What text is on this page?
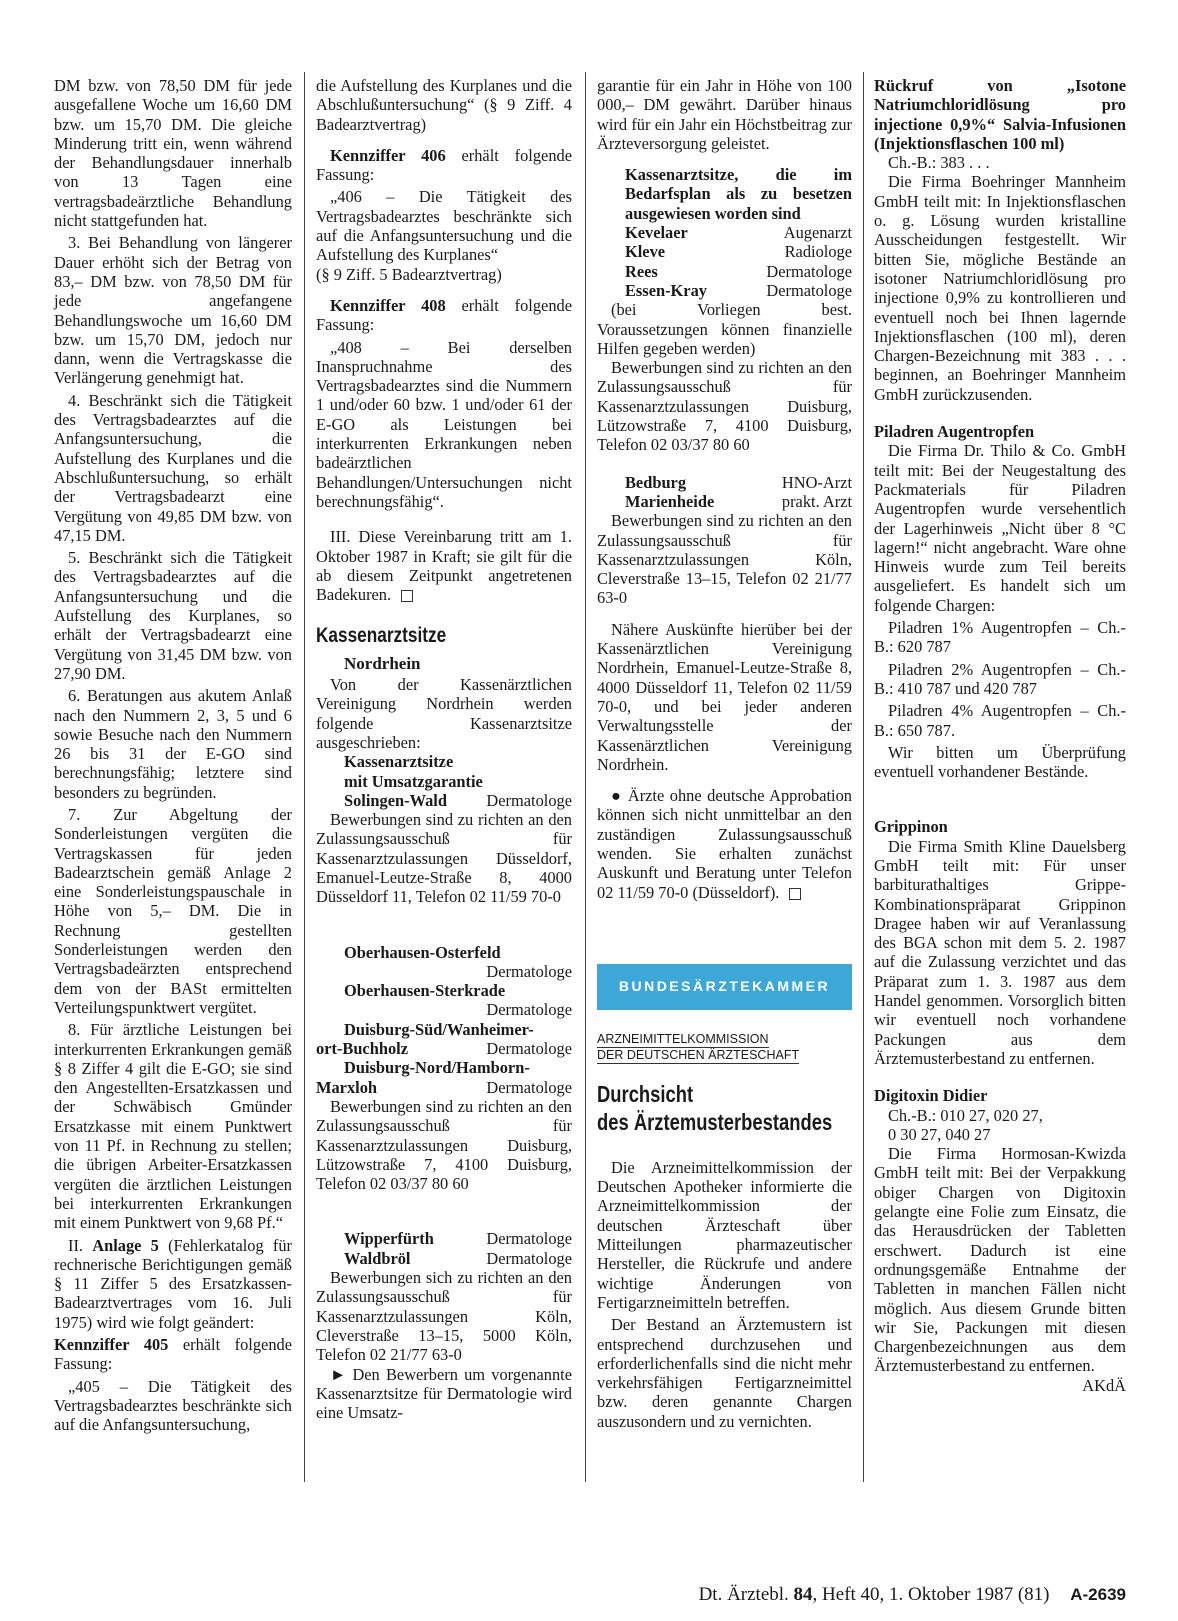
DM bzw. von 78,50 DM für jede ausgefallene Woche um 16,60 DM bzw. um 15,70 DM. Die gleiche Minderung tritt ein, wenn während der Behandlungsdauer innerhalb von 13 Tagen eine vertragsbadeärztliche Behandlung nicht stattgefunden hat.

3. Bei Behandlung von längerer Dauer erhöht sich der Betrag von 83,– DM bzw. von 78,50 DM für jede angefangene Behandlungswoche um 16,60 DM bzw. um 15,70 DM, jedoch nur dann, wenn die Vertragskasse die Verlängerung genehmigt hat.

4. Beschränkt sich die Tätigkeit des Vertragsbadearztes auf die Anfangsuntersuchung, die Aufstellung des Kurplanes und die Abschlußuntersuchung, so erhält der Vertragsbadearzt eine Vergütung von 49,85 DM bzw. von 47,15 DM.

5. Beschränkt sich die Tätigkeit des Vertragsbadearztes auf die Anfangsuntersuchung und die Aufstellung des Kurplanes, so erhält der Vertragsbadearzt eine Vergütung von 31,45 DM bzw. von 27,90 DM.

6. Beratungen aus akutem Anlaß nach den Nummern 2, 3, 5 und 6 sowie Besuche nach den Nummern 26 bis 31 der E-GO sind berechnungsfähig; letztere sind besonders zu begründen.

7. Zur Abgeltung der Sonderleistungen vergüten die Vertragskassen für jeden Badearztschein gemäß Anlage 2 eine Sonderleistungspauschale in Höhe von 5,– DM. Die in Rechnung gestellten Sonderleistungen werden den Vertragsbadeärzten entsprechend dem von der BASt ermittelten Verteilungspunktwert vergütet.

8. Für ärztliche Leistungen bei interkurrenten Erkrankungen gemäß § 8 Ziffer 4 gilt die E-GO; sie sind den Angestellten-Ersatzkassen und der Schwäbisch Gmünder Ersatzkasse mit einem Punktwert von 11 Pf. in Rechnung zu stellen; die übrigen Arbeiter-Ersatzkassen vergüten die ärztlichen Leistungen bei interkurrenten Erkrankungen mit einem Punktwert von 9,68 Pf.“

II. Anlage 5 (Fehlerkatalog für rechnerische Berichtigungen gemäß § 11 Ziffer 5 des Ersatzkassen-Badearztvertrages vom 16. Juli 1975) wird wie folgt geändert:

Kennziffer 405 erhält folgende Fassung:

„405 – Die Tätigkeit des Vertragsbadearztes beschränkte sich auf die Anfangsuntersuchung,

die Aufstellung des Kurplanes und die Abschlußuntersuchung“ (§ 9 Ziff. 4 Badearztvertrag)

Kennziffer 406 erhält folgende Fassung:

„406 – Die Tätigkeit des Vertragsbadearztes beschränkte sich auf die Anfangsuntersuchung und die Aufstellung des Kurplanes“

(§ 9 Ziff. 5 Badearztvertrag)

Kennziffer 408 erhält folgende Fassung:

„408 – Bei derselben Inanspruchnahme des Vertragsbadearztes sind die Nummern 1 und/oder 60 bzw. 1 und/oder 61 der E-GO als Leistungen bei interkurrenten Erkrankungen neben badeärztlichen Behandlungen/Untersuchungen nicht berechnungsfähig“.

III. Diese Vereinbarung tritt am 1. Oktober 1987 in Kraft; sie gilt für die ab diesem Zeitpunkt angetretenen Badekuren.

Kassenarztsitze
Nordrhein

Von der Kassenärztlichen Vereinigung Nordrhein werden folgende Kassenarztsitze ausgeschrieben:

Kassenarztsitze
mit Umsatzgarantie
Solingen-Wald Dermatologe

Bewerbungen sind zu richten an den Zulassungsausschuß für Kassenarztzulassungen Düsseldorf, Emanuel-Leutze-Straße 8, 4000 Düsseldorf 11, Telefon 02 11/59 70-0

Oberhausen-Osterfeld
Dermatologe
Oberhausen-Sterkrade
Dermatologe
Duisburg-Süd/Wanheimer-
ort-Buchholz	Dermatologe
Duisburg-Nord/Hamborn-
Marxloh	Dermatologe

Bewerbungen sind zu richten an den Zulassungsausschuß für Kassenarztzulassungen Duisburg, Lützowstraße 7, 4100 Duisburg, Telefon 02 03/37 80 60

Wipperfürth	Dermatologe
Waldbröl	Dermatologe

Bewerbungen sich zu richten an den Zulassungsausschuß für Kassenarztzulassungen Köln, Cleverstraße 13–15, 5000 Köln, Telefon 02 21/77 63-0

► Den Bewerbern um vorgenannte Kassenarztsitze für Dermatologie wird eine Umsatz-

garantie für ein Jahr in Höhe von 100 000,– DM gewährt. Darüber hinaus wird für ein Jahr ein Höchstbeitrag zur Ärzteversorgung geleistet.

Kassenarztsitze, die im Bedarfsplan als zu besetzen ausgewiesen worden sind

Kevelaer	Augenarzt
Kleve	Radiologe
Rees	Dermatologe
Essen-Kray	Dermatologe

(bei Vorliegen best. Voraussetzungen können finanzielle Hilfen gegeben werden)

Bewerbungen sind zu richten an den Zulassungsausschuß für Kassenarztzulassungen Duisburg, Lützowstraße 7, 4100 Duisburg, Telefon 02 03/37 80 60

Bedburg	HNO-Arzt
Marienheide	prakt. Arzt

Bewerbungen sind zu richten an den Zulassungsausschuß für Kassenarztzulassungen Köln, Cleverstraße 13–15, Telefon 02 21/77 63-0

Nähere Auskünfte hierüber bei der Kassenärztlichen Vereinigung Nordrhein, Emanuel-Leutze-Straße 8, 4000 Düsseldorf 11, Telefon 02 11/59 70-0, und bei jeder anderen Verwaltungsstelle der Kassenärztlichen Vereinigung Nordrhein.

● Ärzte ohne deutsche Approbation können sich nicht unmittelbar an den zuständigen Zulassungsausschuß wenden. Sie erhalten zunächst Auskunft und Beratung unter Telefon 02 11/59 70-0 (Düsseldorf).

BUNDESÄRZTEKAMMER
ARZNEIMITTELKOMMISSION
DER DEUTSCHEN ÄRZTESCHAFT
Durchsicht
des Ärztemusterbestandes

Die Arzneimittelkommission der Deutschen Apotheker informierte die Arzneimittelkommission der deutschen Ärzteschaft über Mitteilungen pharmazeutischer Hersteller, die Rückrufe und andere wichtige Änderungen von Fertigarzneimitteln betreffen.

Der Bestand an Ärztemustern ist entsprechend durchzusehen und erforderlichenfalls sind die nicht mehr verkehrsfähigen Fertigarzneimittel bzw. deren genannte Chargen auszusondern und zu vernichten.

Rückruf von „Isotone Natriumchloridlösung pro injectione 0,9%“ Salvia-Infusionen (Injektionsflaschen 100 ml)

Ch.-B.: 383 . . .

Die Firma Boehringer Mannheim GmbH teilt mit: In Injektionsflaschen o. g. Lösung wurden kristalline Ausscheidungen festgestellt. Wir bitten Sie, mögliche Bestände an isotoner Natriumchloridlösung pro injectione 0,9% zu kontrollieren und eventuell noch bei Ihnen lagernde Injektionsflaschen (100 ml), deren Chargen-Bezeichnung mit 383 . . . beginnen, an Boehringer Mannheim GmbH zurückzusenden.

Piladren Augentropfen

Die Firma Dr. Thilo & Co. GmbH teilt mit: Bei der Neugestaltung des Packmaterials für Piladren Augentropfen wurde versehentlich der Lagerhinweis „Nicht über 8 °C lagern!“ nicht angebracht. Ware ohne Hinweis wurde zum Teil bereits ausgeliefert. Es handelt sich um folgende Chargen:

Piladren 1% Augentropfen – Ch.-B.: 620 787

Piladren 2% Augentropfen – Ch.-B.: 410 787 und 420 787

Piladren 4% Augentropfen – Ch.-B.: 650 787.

Wir bitten um Überprüfung eventuell vorhandener Bestände.

Grippinon

Die Firma Smith Kline Dauelsberg GmbH teilt mit: Für unser barbiturathaltiges Grippe-Kombinationspräparat Grippinon Dragee haben wir auf Veranlassung des BGA schon mit dem 5. 2. 1987 auf die Zulassung verzichtet und das Präparat zum 1. 3. 1987 aus dem Handel genommen. Vorsorglich bitten wir eventuell noch vorhandene Packungen aus dem Ärztemusterbestand zu entfernen.

Digitoxin Didier

Ch.-B.: 010 27, 020 27,

0 30 27, 040 27

Die Firma Hormosan-Kwizda GmbH teilt mit: Bei der Verpakkung obiger Chargen von Digitoxin gelangte eine Folie zum Einsatz, die das Herausdrücken der Tabletten erschwert. Dadurch ist eine ordnungsgemäße Entnahme der Tabletten in manchen Fällen nicht möglich. Aus diesem Grunde bitten wir Sie, Packungen mit diesen Chargenbezeichnungen aus dem Ärztemusterbestand zu entfernen.

AKdÄ

Dt. Ärztebl. 84, Heft 40, 1. Oktober 1987 (81) A-2639
